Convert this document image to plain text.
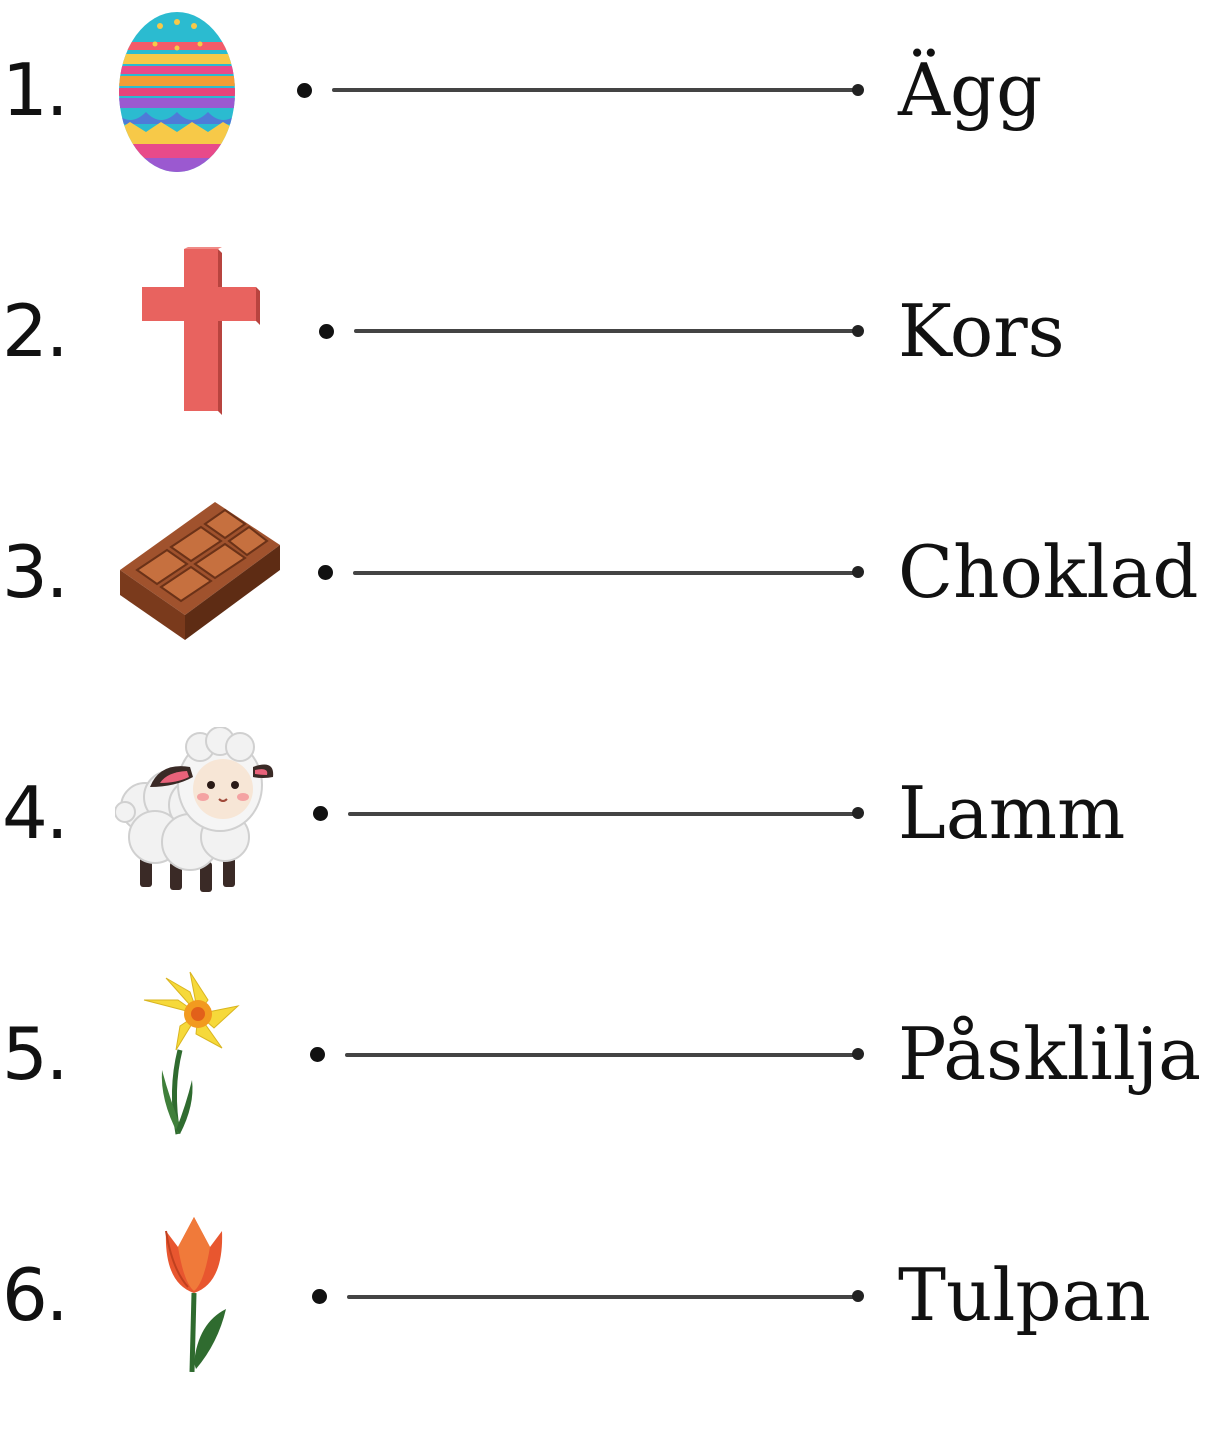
1.	Ägg
2.	Kors
3.	Choklad
4.	Lamm
5.	Påsklilja
6.	Tulpan
